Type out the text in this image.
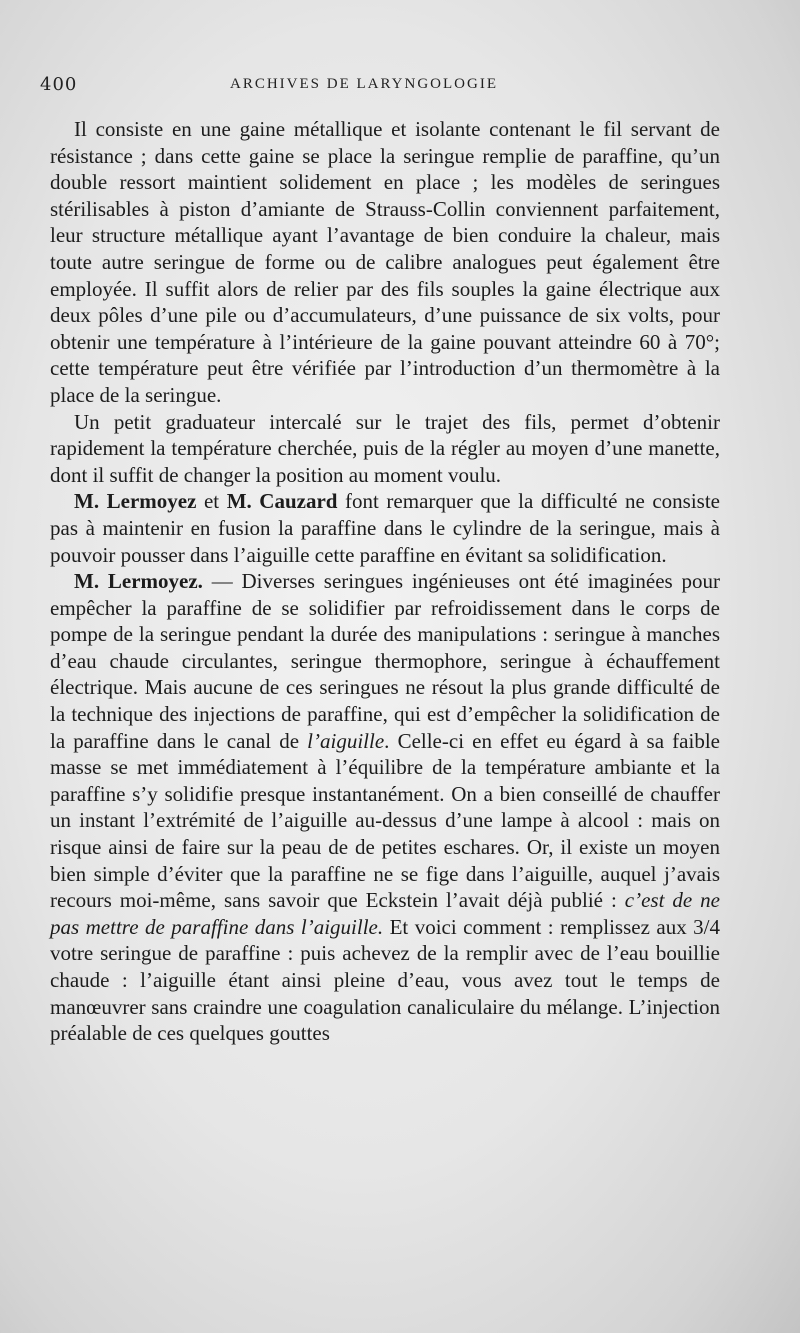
400	ARCHIVES DE LARYNGOLOGIE

Il consiste en une gaine métallique et isolante contenant le fil servant de résistance ; dans cette gaine se place la seringue remplie de paraffine, qu’un double ressort maintient solidement en place ; les modèles de seringues stérilisables à piston d’amiante de Strauss-Collin conviennent parfaitement, leur structure métallique ayant l’avantage de bien conduire la chaleur, mais toute autre seringue de forme ou de calibre analogues peut également être employée. Il suffit alors de relier par des fils souples la gaine électrique aux deux pôles d’une pile ou d’accumulateurs, d’une puissance de six volts, pour obtenir une température à l’intérieure de la gaine pouvant atteindre 60 à 70°; cette température peut être vérifiée par l’introduction d’un thermomètre à la place de la seringue.

Un petit graduateur intercalé sur le trajet des fils, permet d’obtenir rapidement la température cherchée, puis de la régler au moyen d’une manette, dont il suffit de changer la position au moment voulu.

M. Lermoyez et M. Cauzard font remarquer que la difficulté ne consiste pas à maintenir en fusion la paraffine dans le cylindre de la seringue, mais à pouvoir pousser dans l’aiguille cette paraffine en évitant sa solidification.

M. Lermoyez. — Diverses seringues ingénieuses ont été imaginées pour empêcher la paraffine de se solidifier par refroidissement dans le corps de pompe de la seringue pendant la durée des manipulations : seringue à manches d’eau chaude circulantes, seringue thermophore, seringue à échauffement électrique. Mais aucune de ces seringues ne résout la plus grande difficulté de la technique des injections de paraffine, qui est d’empêcher la solidification de la paraffine dans le canal de l’aiguille. Celle-ci en effet eu égard à sa faible masse se met immédiatement à l’équilibre de la température ambiante et la paraffine s’y solidifie presque instantanément. On a bien conseillé de chauffer un instant l’extrémité de l’aiguille au-dessus d’une lampe à alcool : mais on risque ainsi de faire sur la peau de de petites eschares. Or, il existe un moyen bien simple d’éviter que la paraffine ne se fige dans l’aiguille, auquel j’avais recours moi-même, sans savoir que Eckstein l’avait déjà publié : c’est de ne pas mettre de paraffine dans l’aiguille. Et voici comment : remplissez aux 3/4 votre seringue de paraffine : puis achevez de la remplir avec de l’eau bouillie chaude : l’aiguille étant ainsi pleine d’eau, vous avez tout le temps de manœuvrer sans craindre une coagulation canaliculaire du mélange. L’injection préalable de ces quelques gouttes
